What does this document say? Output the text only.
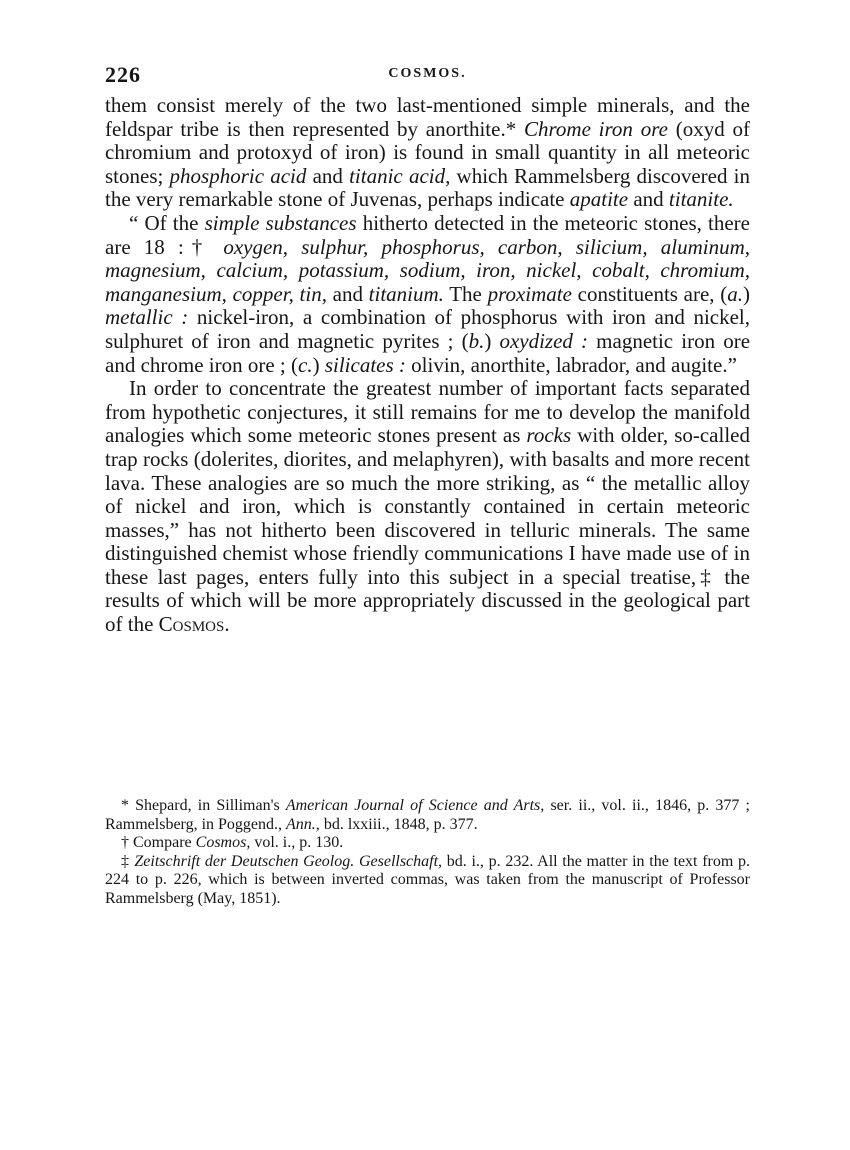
226	COSMOS.

them consist merely of the two last-mentioned simple minerals, and the feldspar tribe is then represented by anorthite.* Chrome iron ore (oxyd of chromium and protoxyd of iron) is found in small quantity in all meteoric stones; phosphoric acid and titanic acid, which Rammelsberg discovered in the very remarkable stone of Juvenas, perhaps indicate apatite and titanite.

“ Of the simple substances hitherto detected in the meteoric stones, there are 18 :† oxygen, sulphur, phosphorus, carbon, silicium, aluminum, magnesium, calcium, potassium, sodium, iron, nickel, cobalt, chromium, manganesium, copper, tin, and titanium. The proximate constituents are, (a.) metallic : nickel-iron, a combination of phosphorus with iron and nickel, sulphuret of iron and magnetic pyrites ; (b.) oxydized : magnetic iron ore and chrome iron ore ; (c.) silicates : olivin, anorthite, labrador, and augite.”

In order to concentrate the greatest number of important facts separated from hypothetic conjectures, it still remains for me to develop the manifold analogies which some meteoric stones present as rocks with older, so-called trap rocks (dolerites, diorites, and melaphyren), with basalts and more recent lava. These analogies are so much the more striking, as “ the metallic alloy of nickel and iron, which is constantly contained in certain meteoric masses,” has not hitherto been discovered in telluric minerals. The same distinguished chemist whose friendly communications I have made use of in these last pages, enters fully into this subject in a special treatise,‡ the results of which will be more appropriately discussed in the geological part of the Cosmos.

* Shepard, in Silliman's American Journal of Science and Arts, ser. ii., vol. ii., 1846, p. 377 ; Rammelsberg, in Poggend., Ann., bd. lxxiii., 1848, p. 377.

† Compare Cosmos, vol. i., p. 130.

‡ Zeitschrift der Deutschen Geolog. Gesellschaft, bd. i., p. 232. All the matter in the text from p. 224 to p. 226, which is between inverted commas, was taken from the manuscript of Professor Rammelsberg (May, 1851).
